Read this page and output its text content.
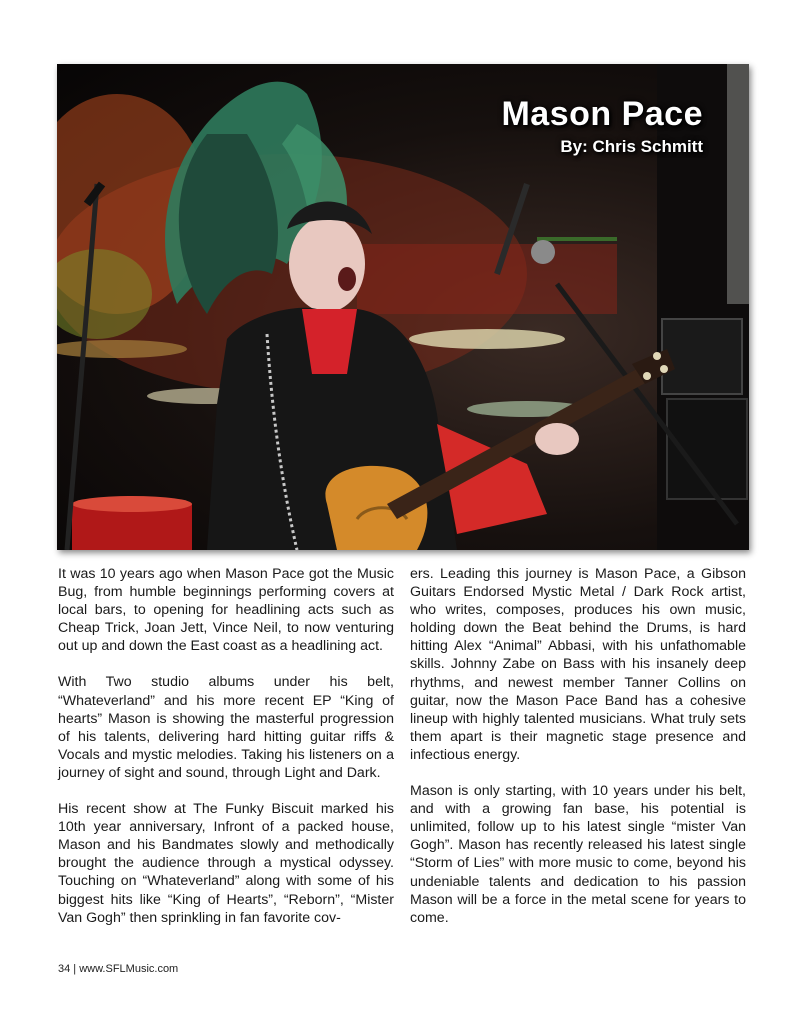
Mason Pace
By: Chris Schmitt

It was 10 years ago when Mason Pace got the Music Bug, from humble beginnings performing covers at local bars, to opening for headlining acts such as Cheap Trick, Joan Jett, Vince Neil, to now venturing out up and down the East coast as a headlining act.

With Two studio albums under his belt, “Whateverland” and his more recent EP “King of hearts” Mason is showing the masterful progression of his talents, delivering hard hitting guitar riffs & Vocals and mystic melodies. Taking his listeners on a journey of sight and sound, through Light and Dark.

His recent show at The Funky Biscuit marked his 10th year anniversary, Infront of a packed house, Mason and his Bandmates slowly and methodically brought the audience through a mystical odyssey. Touching on “Whateverland” along with some of his biggest hits like “King of Hearts”, “Reborn”, “Mister Van Gogh” then sprinkling in fan favorite cov-

ers. Leading this journey is Mason Pace, a Gibson Guitars Endorsed Mystic Metal / Dark Rock artist, who writes, composes, produces his own music, holding down the Beat behind the Drums, is hard hitting Alex “Animal” Abbasi, with his unfathomable skills. Johnny Zabe on Bass with his insanely deep rhythms, and newest member Tanner Collins on guitar, now the Mason Pace Band has a cohesive lineup with highly talented musicians. What truly sets them apart is their magnetic stage presence and infectious energy.

Mason is only starting, with 10 years under his belt, and with a growing fan base, his potential is unlimited, follow up to his latest single “mister Van Gogh”. Mason has recently released his latest single “Storm of Lies” with more music to come, beyond his undeniable talents and dedication to his passion Mason will be a force in the metal scene for years to come.

34 | www.SFLMusic.com
